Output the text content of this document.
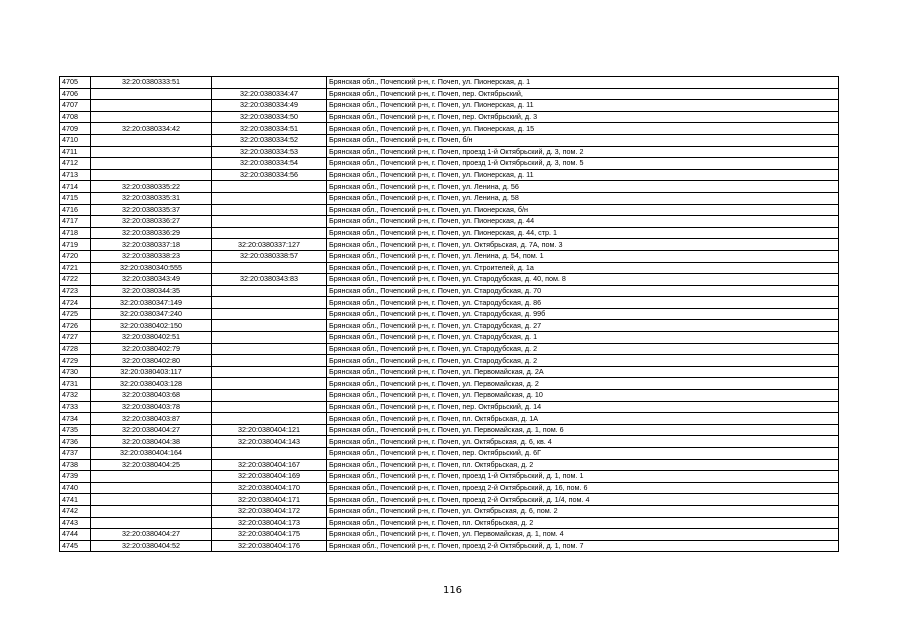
4705	32:20:0380333:51		Брянская обл., Почепский р-н, г. Почеп, ул. Пионерская, д. 1
4706		32:20:0380334:47	Брянская обл., Почепский р-н, г. Почеп, пер. Октябрьский,
4707		32:20:0380334:49	Брянская обл., Почепский р-н, г. Почеп, ул. Пионерская, д. 11
4708		32:20:0380334:50	Брянская обл., Почепский р-н, г. Почеп, пер. Октябрьский, д. 3
4709	32:20:0380334:42	32:20:0380334:51	Брянская обл., Почепский р-н, г. Почеп, ул. Пионерская, д. 15
4710		32:20:0380334:52	Брянская обл., Почепский р-н, г. Почеп, б/н
4711		32:20:0380334:53	Брянская обл., Почепский р-н, г. Почеп, проезд 1-й Октябрьский, д. 3, пом. 2
4712		32:20:0380334:54	Брянская обл., Почепский р-н, г. Почеп, проезд 1-й Октябрьский, д. 3, пом. 5
4713		32:20:0380334:56	Брянская обл., Почепский р-н, г. Почеп, ул. Пионерская, д. 11
4714	32:20:0380335:22		Брянская обл., Почепский р-н, г. Почеп, ул. Ленина, д. 56
4715	32:20:0380335:31		Брянская обл., Почепский р-н, г. Почеп, ул. Ленина, д. 58
4716	32:20:0380335:37		Брянская обл., Почепский р-н, г. Почеп, ул. Пионерская, б/н
4717	32:20:0380336:27		Брянская обл., Почепский р-н, г. Почеп, ул. Пионерская, д. 44
4718	32:20:0380336:29		Брянская обл., Почепский р-н, г. Почеп, ул. Пионерская, д. 44, стр. 1
4719	32:20:0380337:18	32:20:0380337:127	Брянская обл., Почепский р-н, г. Почеп, ул. Октябрьская, д. 7А, пом. 3
4720	32:20:0380338:23	32:20:0380338:57	Брянская обл., Почепский р-н, г. Почеп, ул. Ленина, д. 54, пом. 1
4721	32:20:0380340:555		Брянская обл., Почепский р-н, г. Почеп, ул. Строителей, д. 1а
4722	32:20:0380343:49	32:20:0380343:83	Брянская обл., Почепский р-н, г. Почеп, ул. Стародубская, д. 40, пом. 8
4723	32:20:0380344:35		Брянская обл., Почепский р-н, г. Почеп, ул. Стародубская, д. 70
4724	32:20:0380347:149		Брянская обл., Почепский р-н, г. Почеп, ул. Стародубская, д. 86
4725	32:20:0380347:240		Брянская обл., Почепский р-н, г. Почеп, ул. Стародубская, д. 99б
4726	32:20:0380402:150		Брянская обл., Почепский р-н, г. Почеп, ул. Стародубская, д. 27
4727	32:20:0380402:51		Брянская обл., Почепский р-н, г. Почеп, ул. Стародубская, д. 1
4728	32:20:0380402:79		Брянская обл., Почепский р-н, г. Почеп, ул. Стародубская, д. 2
4729	32:20:0380402:80		Брянская обл., Почепский р-н, г. Почеп, ул. Стародубская, д. 2
4730	32:20:0380403:117		Брянская обл., Почепский р-н, г. Почеп, ул. Первомайская, д. 2А
4731	32:20:0380403:128		Брянская обл., Почепский р-н, г. Почеп, ул. Первомайская, д. 2
4732	32:20:0380403:68		Брянская обл., Почепский р-н, г. Почеп, ул. Первомайская, д. 10
4733	32:20:0380403:78		Брянская обл., Почепский р-н, г. Почеп, пер. Октябрьский, д. 14
4734	32:20:0380403:87		Брянская обл., Почепский р-н, г. Почеп, пл. Октябрьская, д. 1А
4735	32:20:0380404:27	32:20:0380404:121	Брянская обл., Почепский р-н, г. Почеп, ул. Первомайская, д. 1, пом. 6
4736	32:20:0380404:38	32:20:0380404:143	Брянская обл., Почепский р-н, г. Почеп, ул. Октябрьская, д. 6, кв. 4
4737	32:20:0380404:164		Брянская обл., Почепский р-н, г. Почеп, пер. Октябрьский, д. 6Г
4738	32:20:0380404:25	32:20:0380404:167	Брянская обл., Почепский р-н, г. Почеп, пл. Октябрьская, д. 2
4739		32:20:0380404:169	Брянская обл., Почепский р-н, г. Почеп, проезд 1-й Октябрьский, д. 1, пом. 1
4740		32:20:0380404:170	Брянская обл., Почепский р-н, г. Почеп, проезд 2-й Октябрьский, д. 16, пом. 6
4741		32:20:0380404:171	Брянская обл., Почепский р-н, г. Почеп, проезд 2-й Октябрьский, д. 1/4, пом. 4
4742		32:20:0380404:172	Брянская обл., Почепский р-н, г. Почеп, ул. Октябрьская, д. 6, пом. 2
4743		32:20:0380404:173	Брянская обл., Почепский р-н, г. Почеп, пл. Октябрьская, д. 2
4744	32:20:0380404:27	32:20:0380404:175	Брянская обл., Почепский р-н, г. Почеп, ул. Первомайская, д. 1, пом. 4
4745	32:20:0380404:52	32:20:0380404:176	Брянская обл., Почепский р-н, г. Почеп, проезд 2-й Октябрьский, д. 1, пом. 7
116
